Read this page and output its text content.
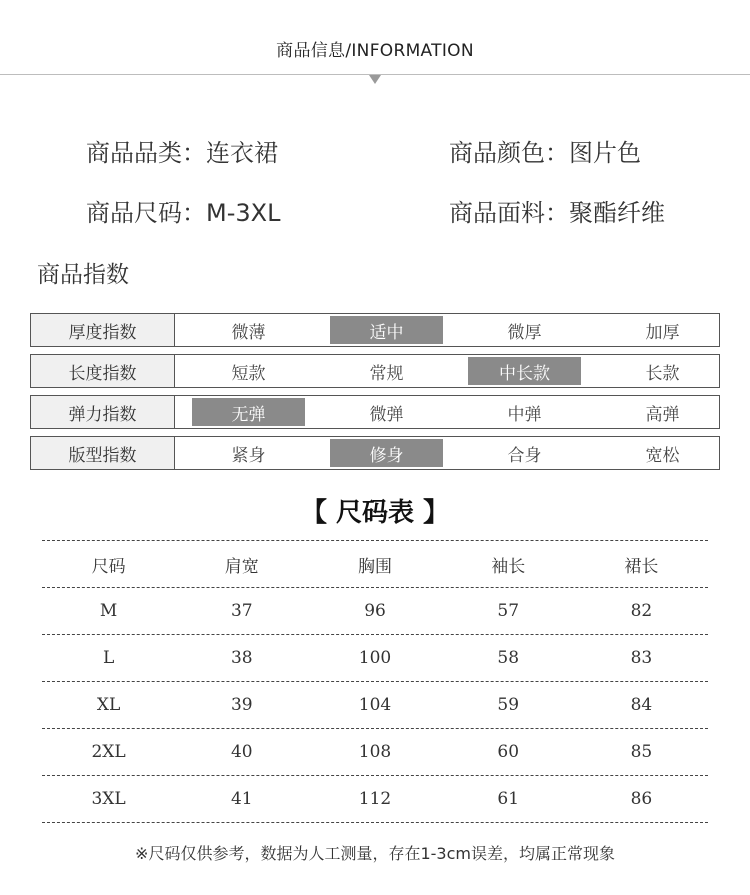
商品信息/INFORMATION
商品品类：连衣裙	商品颜色：图片色
商品尺码：M-3XL	商品面料：聚酯纤维
商品指数
厚度指数	微薄	适中	微厚	加厚
长度指数	短款	常规	中长款	长款
弹力指数	无弹	微弹	中弹	高弹
版型指数	紧身	修身	合身	宽松
【 尺码表 】
尺码	肩宽	胸围	袖长	裙长
M	37	96	57	82
L	38	100	58	83
XL	39	104	59	84
2XL	40	108	60	85
3XL	41	112	61	86
※尺码仅供参考，数据为人工测量，存在1-3cm误差，均属正常现象
